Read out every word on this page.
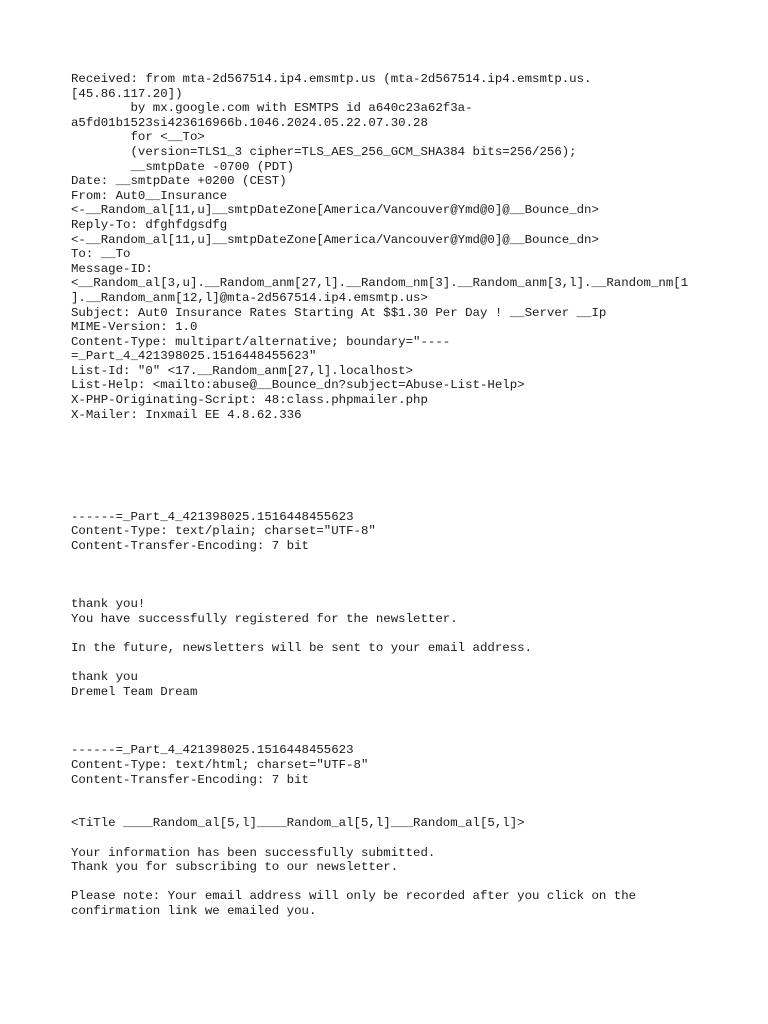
Received: from mta-2d567514.ip4.emsmtp.us (mta-2d567514.ip4.emsmtp.us.
[45.86.117.20])
by mx.google.com with ESMTPS id a640c23a62f3a-
a5fd01b1523si423616966b.1046.2024.05.22.07.30.28
for <__To>
(version=TLS1_3 cipher=TLS_AES_256_GCM_SHA384 bits=256/256);
__smtpDate -0700 (PDT)
Date: __smtpDate +0200 (CEST)
From: Aut0__Insurance
<-__Random_al[11,u]__smtpDateZone[America/Vancouver@Ymd@0]@__Bounce_dn>
Reply-To: dfghfdgsdfg
<-__Random_al[11,u]__smtpDateZone[America/Vancouver@Ymd@0]@__Bounce_dn>
To: __To
Message-ID:
<__Random_al[3,u].__Random_anm[27,l].__Random_nm[3].__Random_anm[3,l].__Random_nm[1
].__Random_anm[12,l]@mta-2d567514.ip4.emsmtp.us>
Subject: Aut0 Insurance Rates Starting At $$1.30 Per Day ! __Server __Ip
MIME-Version: 1.0
Content-Type: multipart/alternative; boundary="----
=_Part_4_421398025.1516448455623"
List-Id: "0" <17.__Random_anm[27,l].localhost>
List-Help: <mailto:abuse@__Bounce_dn?subject=Abuse-List-Help>
X-PHP-Originating-Script: 48:class.phpmailer.php
X-Mailer: Inxmail EE 4.8.62.336
------=_Part_4_421398025.1516448455623
Content-Type: text/plain; charset="UTF-8"
Content-Transfer-Encoding: 7 bit
thank you!
You have successfully registered for the newsletter.
In the future, newsletters will be sent to your email address.
thank you
Dremel Team Dream
------=_Part_4_421398025.1516448455623
Content-Type: text/html; charset="UTF-8"
Content-Transfer-Encoding: 7 bit
<TiTle ____Random_al[5,l]____Random_al[5,l]___Random_al[5,l]>
Your information has been successfully submitted.
Thank you for subscribing to our newsletter.
Please note: Your email address will only be recorded after you click on the
confirmation link we emailed you.
